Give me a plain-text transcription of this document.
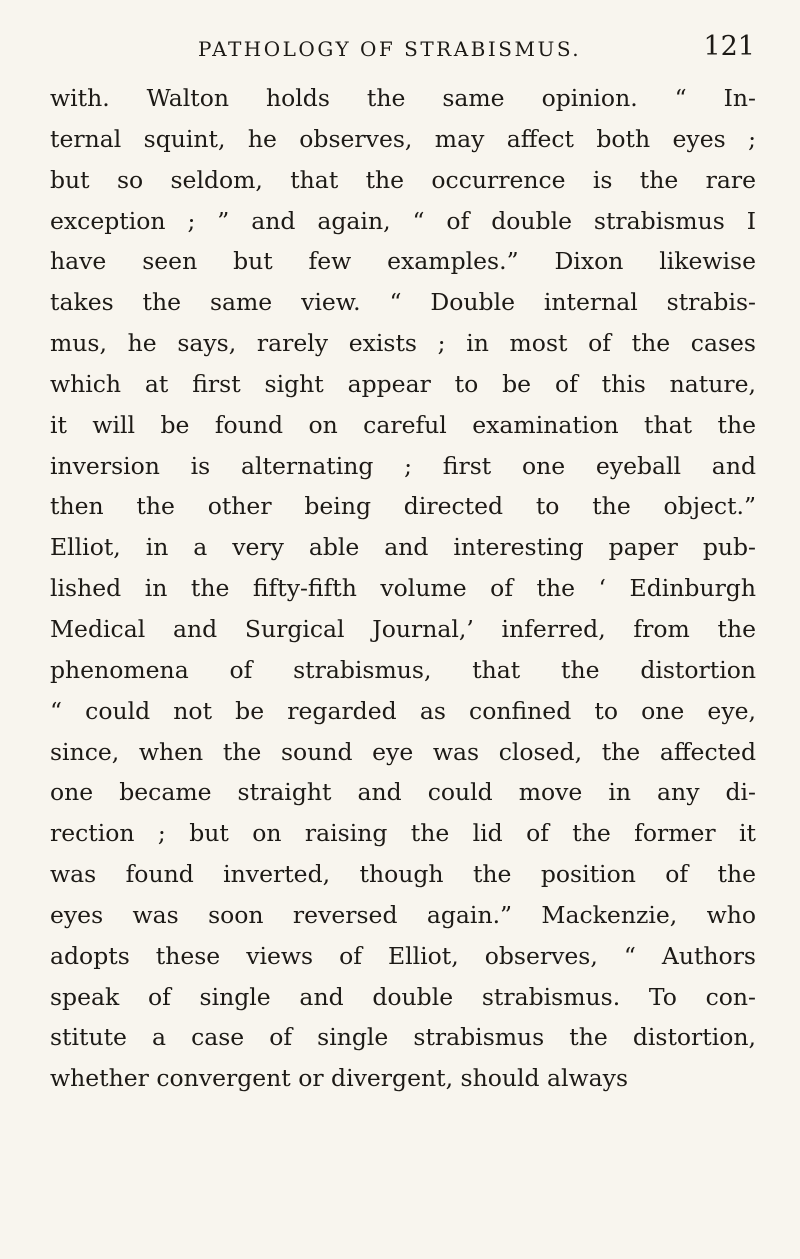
PATHOLOGY OF STRABISMUS.	121
with. Walton holds the same opinion. “ In-
ternal squint, he observes, may affect both eyes ;
but so seldom, that the occurrence is the rare
exception ; ” and again, “ of double strabismus I
have seen but few examples.” Dixon likewise
takes the same view. “ Double internal strabis-
mus, he says, rarely exists ; in most of the cases
which at first sight appear to be of this nature,
it will be found on careful examination that the
inversion is alternating ; first one eyeball and
then the other being directed to the object.”
Elliot, in a very able and interesting paper pub-
lished in the fifty-fifth volume of the ‘ Edinburgh
Medical and Surgical Journal,’ inferred, from the
phenomena of strabismus, that the distortion
“ could not be regarded as confined to one eye,
since, when the sound eye was closed, the affected
one became straight and could move in any di-
rection ; but on raising the lid of the former it
was found inverted, though the position of the
eyes was soon reversed again.” Mackenzie, who
adopts these views of Elliot, observes, “ Authors
speak of single and double strabismus. To con-
stitute a case of single strabismus the distortion,
whether convergent or divergent, should always
